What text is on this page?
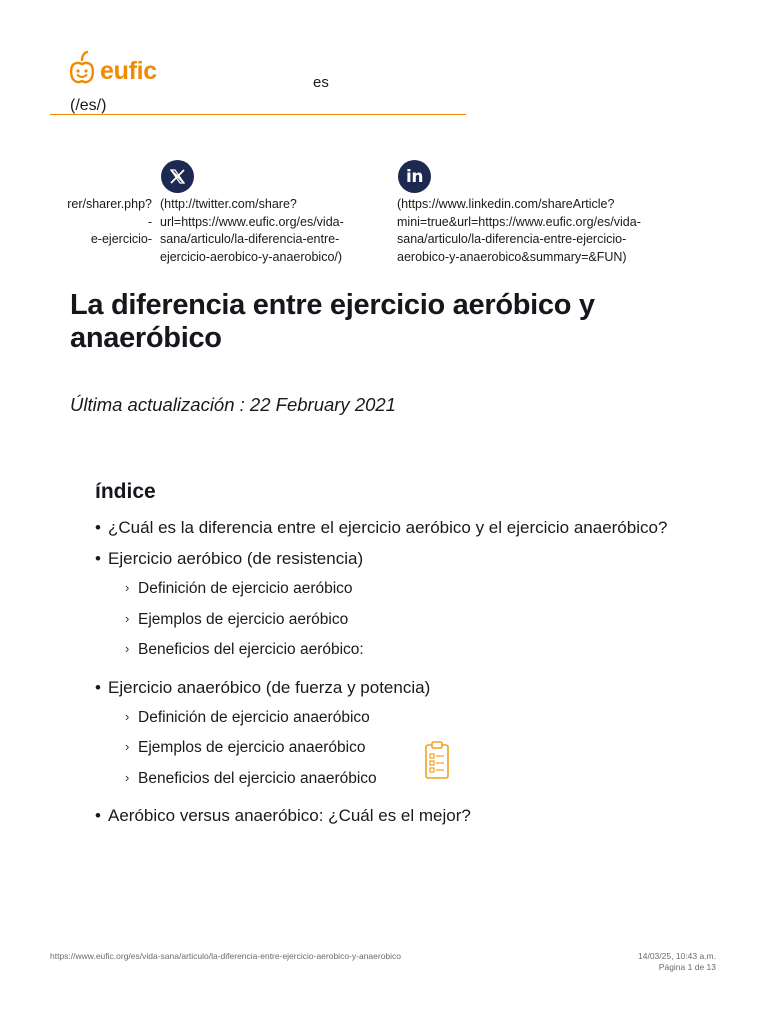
eufic	es
(/es/)
rer/sharer.php?
-
e-ejercicio-
(http://twitter.com/share?
url=https://www.eufic.org/es/vida-
sana/articulo/la-diferencia-entre-
ejercicio-aerobico-y-anaerobico/)
in
(https://www.linkedin.com/shareArticle?
mini=true&url=https://www.eufic.org/es/vida-
sana/articulo/la-diferencia-entre-ejercicio-
aerobico-y-anaerobico&summary=&FUN)
La diferencia entre ejercicio aeróbico y anaeróbico
Última actualización : 22 February 2021
índice
• ¿Cuál es la diferencia entre el ejercicio aeróbico y el ejercicio anaeróbico?
• Ejercicio aeróbico (de resistencia)
› Definición de ejercicio aeróbico
› Ejemplos de ejercicio aeróbico
› Beneficios del ejercicio aeróbico:
• Ejercicio anaeróbico (de fuerza y potencia)
› Definición de ejercicio anaeróbico
› Ejemplos de ejercicio anaeróbico
› Beneficios del ejercicio anaeróbico
• Aeróbico versus anaeróbico: ¿Cuál es el mejor?
https://www.eufic.org/es/vida-sana/articulo/la-diferencia-entre-ejercicio-aerobico-y-anaerobico	14/03/25, 10:43 a.m.
Página 1 de 13
